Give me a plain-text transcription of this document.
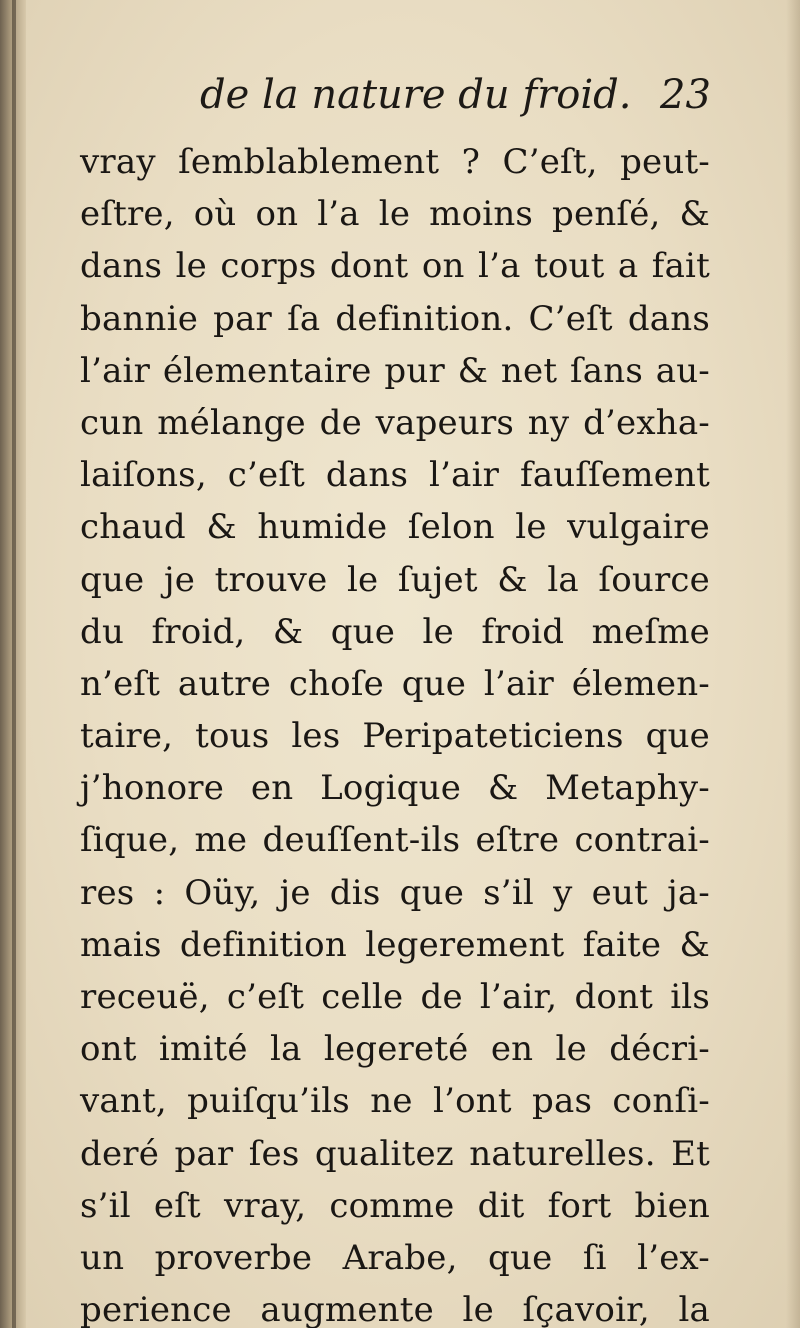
de la nature du froid. 23
vray ſemblablement ? C’eſt, peut-
eſtre, où on l’a le moins penſé, &
dans le corps dont on l’a tout a fait
bannie par ſa definition. C’eſt dans
l’air élementaire pur & net ſans au-
cun mélange de vapeurs ny d’exha-
laiſons, c’eſt dans l’air fauſſement
chaud & humide ſelon le vulgaire
que je trouve le ſujet & la ſource
du froid, & que le froid meſme
n’eſt autre choſe que l’air élemen-
taire, tous les Peripateticiens que
j’honore en Logique & Metaphy-
ſique, me deuſſent-ils eſtre contrai-
res : Oüy, je dis que s’il y eut ja-
mais definition legerement faite &
receuë, c’eſt celle de l’air, dont ils
ont imité la legereté en le décri-
vant, puiſqu’ils ne l’ont pas conſi-
deré par ſes qualitez naturelles. Et
s’il eſt vray, comme dit fort bien
un proverbe Arabe, que ſi l’ex-
perience augmente le ſçavoir, la
